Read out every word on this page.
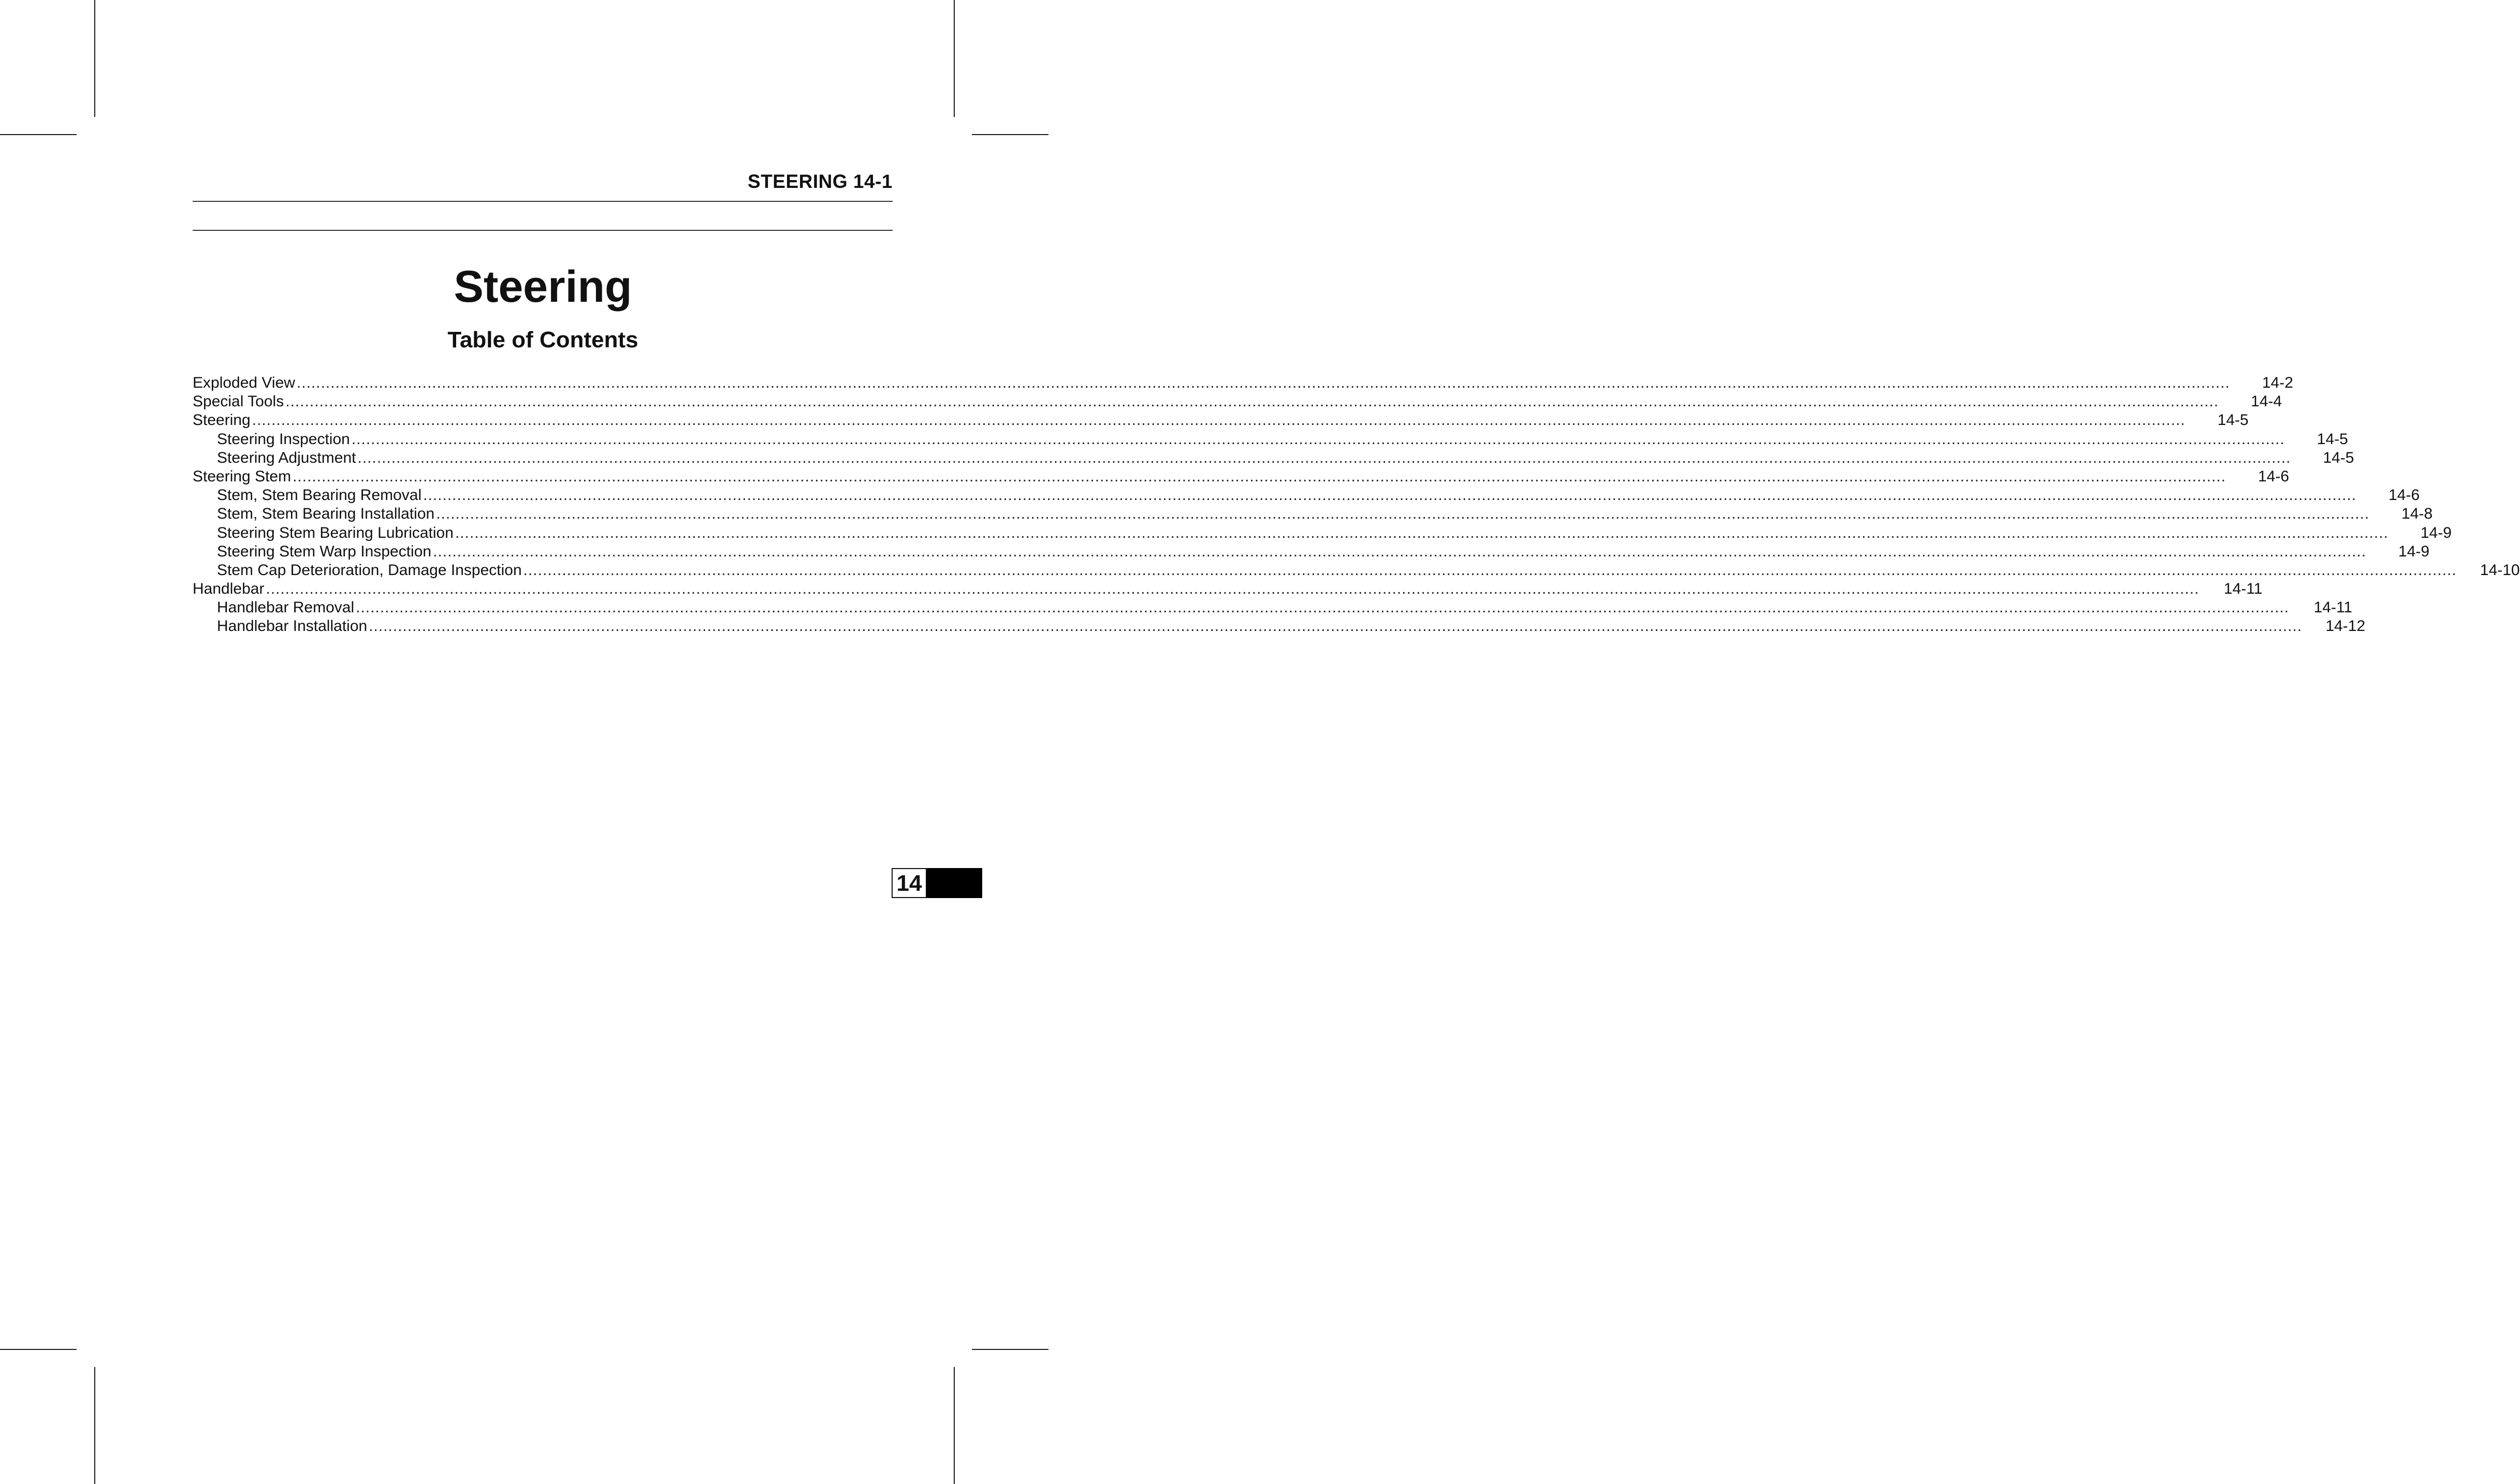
STEERING 14-1
Steering
Table of Contents
Exploded View ................................................................................................................................................................................................................................................................................................................................................................................................................	14-2
Special Tools ................................................................................................................................................................................................................................................................................................................................................................................................................	14-4
Steering ................................................................................................................................................................................................................................................................................................................................................................................................................	14-5
Steering Inspection ................................................................................................................................................................................................................................................................................................................................................................................................................	14-5
Steering Adjustment ................................................................................................................................................................................................................................................................................................................................................................................................................	14-5
Steering Stem ................................................................................................................................................................................................................................................................................................................................................................................................................	14-6
Stem, Stem Bearing Removal ................................................................................................................................................................................................................................................................................................................................................................................................................	14-6
Stem, Stem Bearing Installation ................................................................................................................................................................................................................................................................................................................................................................................................................	14-8
Steering Stem Bearing Lubrication ................................................................................................................................................................................................................................................................................................................................................................................................................	14-9
Steering Stem Warp Inspection ................................................................................................................................................................................................................................................................................................................................................................................................................	14-9
Stem Cap Deterioration, Damage Inspection ................................................................................................................................................................................................................................................................................................................................................................................................................ 14-10
Handlebar ................................................................................................................................................................................................................................................................................................................................................................................................................ 14-11
Handlebar Removal ................................................................................................................................................................................................................................................................................................................................................................................................................ 14-11
Handlebar Installation ................................................................................................................................................................................................................................................................................................................................................................................................................ 14-12
14
